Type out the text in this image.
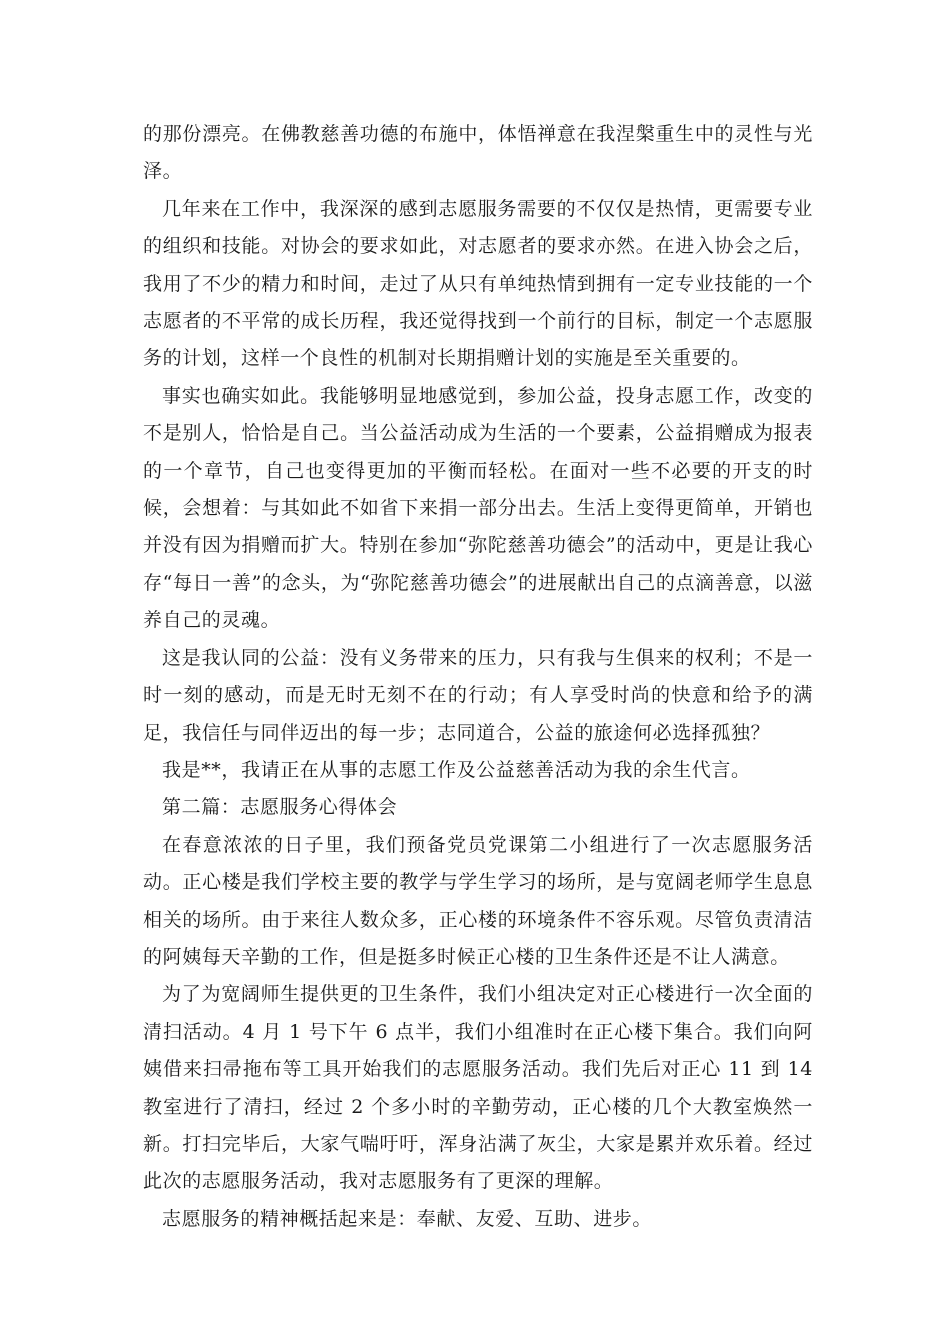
的那份漂亮。在佛教慈善功德的布施中，体悟禅意在我涅槃重生中的灵性与光泽。

几年来在工作中，我深深的感到志愿服务需要的不仅仅是热情，更需要专业的组织和技能。对协会的要求如此，对志愿者的要求亦然。在进入协会之后，我用了不少的精力和时间，走过了从只有单纯热情到拥有一定专业技能的一个志愿者的不平常的成长历程，我还觉得找到一个前行的目标，制定一个志愿服务的计划，这样一个良性的机制对长期捐赠计划的实施是至关重要的。

事实也确实如此。我能够明显地感觉到，参加公益，投身志愿工作，改变的不是别人，恰恰是自己。当公益活动成为生活的一个要素，公益捐赠成为报表的一个章节，自己也变得更加的平衡而轻松。在面对一些不必要的开支的时候，会想着：与其如此不如省下来捐一部分出去。生活上变得更简单，开销也并没有因为捐赠而扩大。特别在参加“弥陀慈善功德会”的活动中，更是让我心存“每日一善”的念头，为“弥陀慈善功德会”的进展献出自己的点滴善意，以滋养自己的灵魂。

这是我认同的公益：没有义务带来的压力，只有我与生俱来的权利；不是一时一刻的感动，而是无时无刻不在的行动；有人享受时尚的快意和给予的满足，我信任与同伴迈出的每一步；志同道合，公益的旅途何必选择孤独？

我是**，我请正在从事的志愿工作及公益慈善活动为我的余生代言。

第二篇：志愿服务心得体会

在春意浓浓的日子里，我们预备党员党课第二小组进行了一次志愿服务活动。正心楼是我们学校主要的教学与学生学习的场所，是与宽阔老师学生息息相关的场所。由于来往人数众多，正心楼的环境条件不容乐观。尽管负责清洁的阿姨每天辛勤的工作，但是挺多时候正心楼的卫生条件还是不让人满意。

为了为宽阔师生提供更的卫生条件，我们小组决定对正心楼进行一次全面的清扫活动。4 月 1 号下午 6 点半，我们小组准时在正心楼下集合。我们向阿姨借来扫帚拖布等工具开始我们的志愿服务活动。我们先后对正心 11 到 14 教室进行了清扫，经过 2 个多小时的辛勤劳动，正心楼的几个大教室焕然一新。打扫完毕后，大家气喘吁吁，浑身沾满了灰尘，大家是累并欢乐着。经过此次的志愿服务活动，我对志愿服务有了更深的理解。

志愿服务的精神概括起来是：奉献、友爱、互助、进步。
